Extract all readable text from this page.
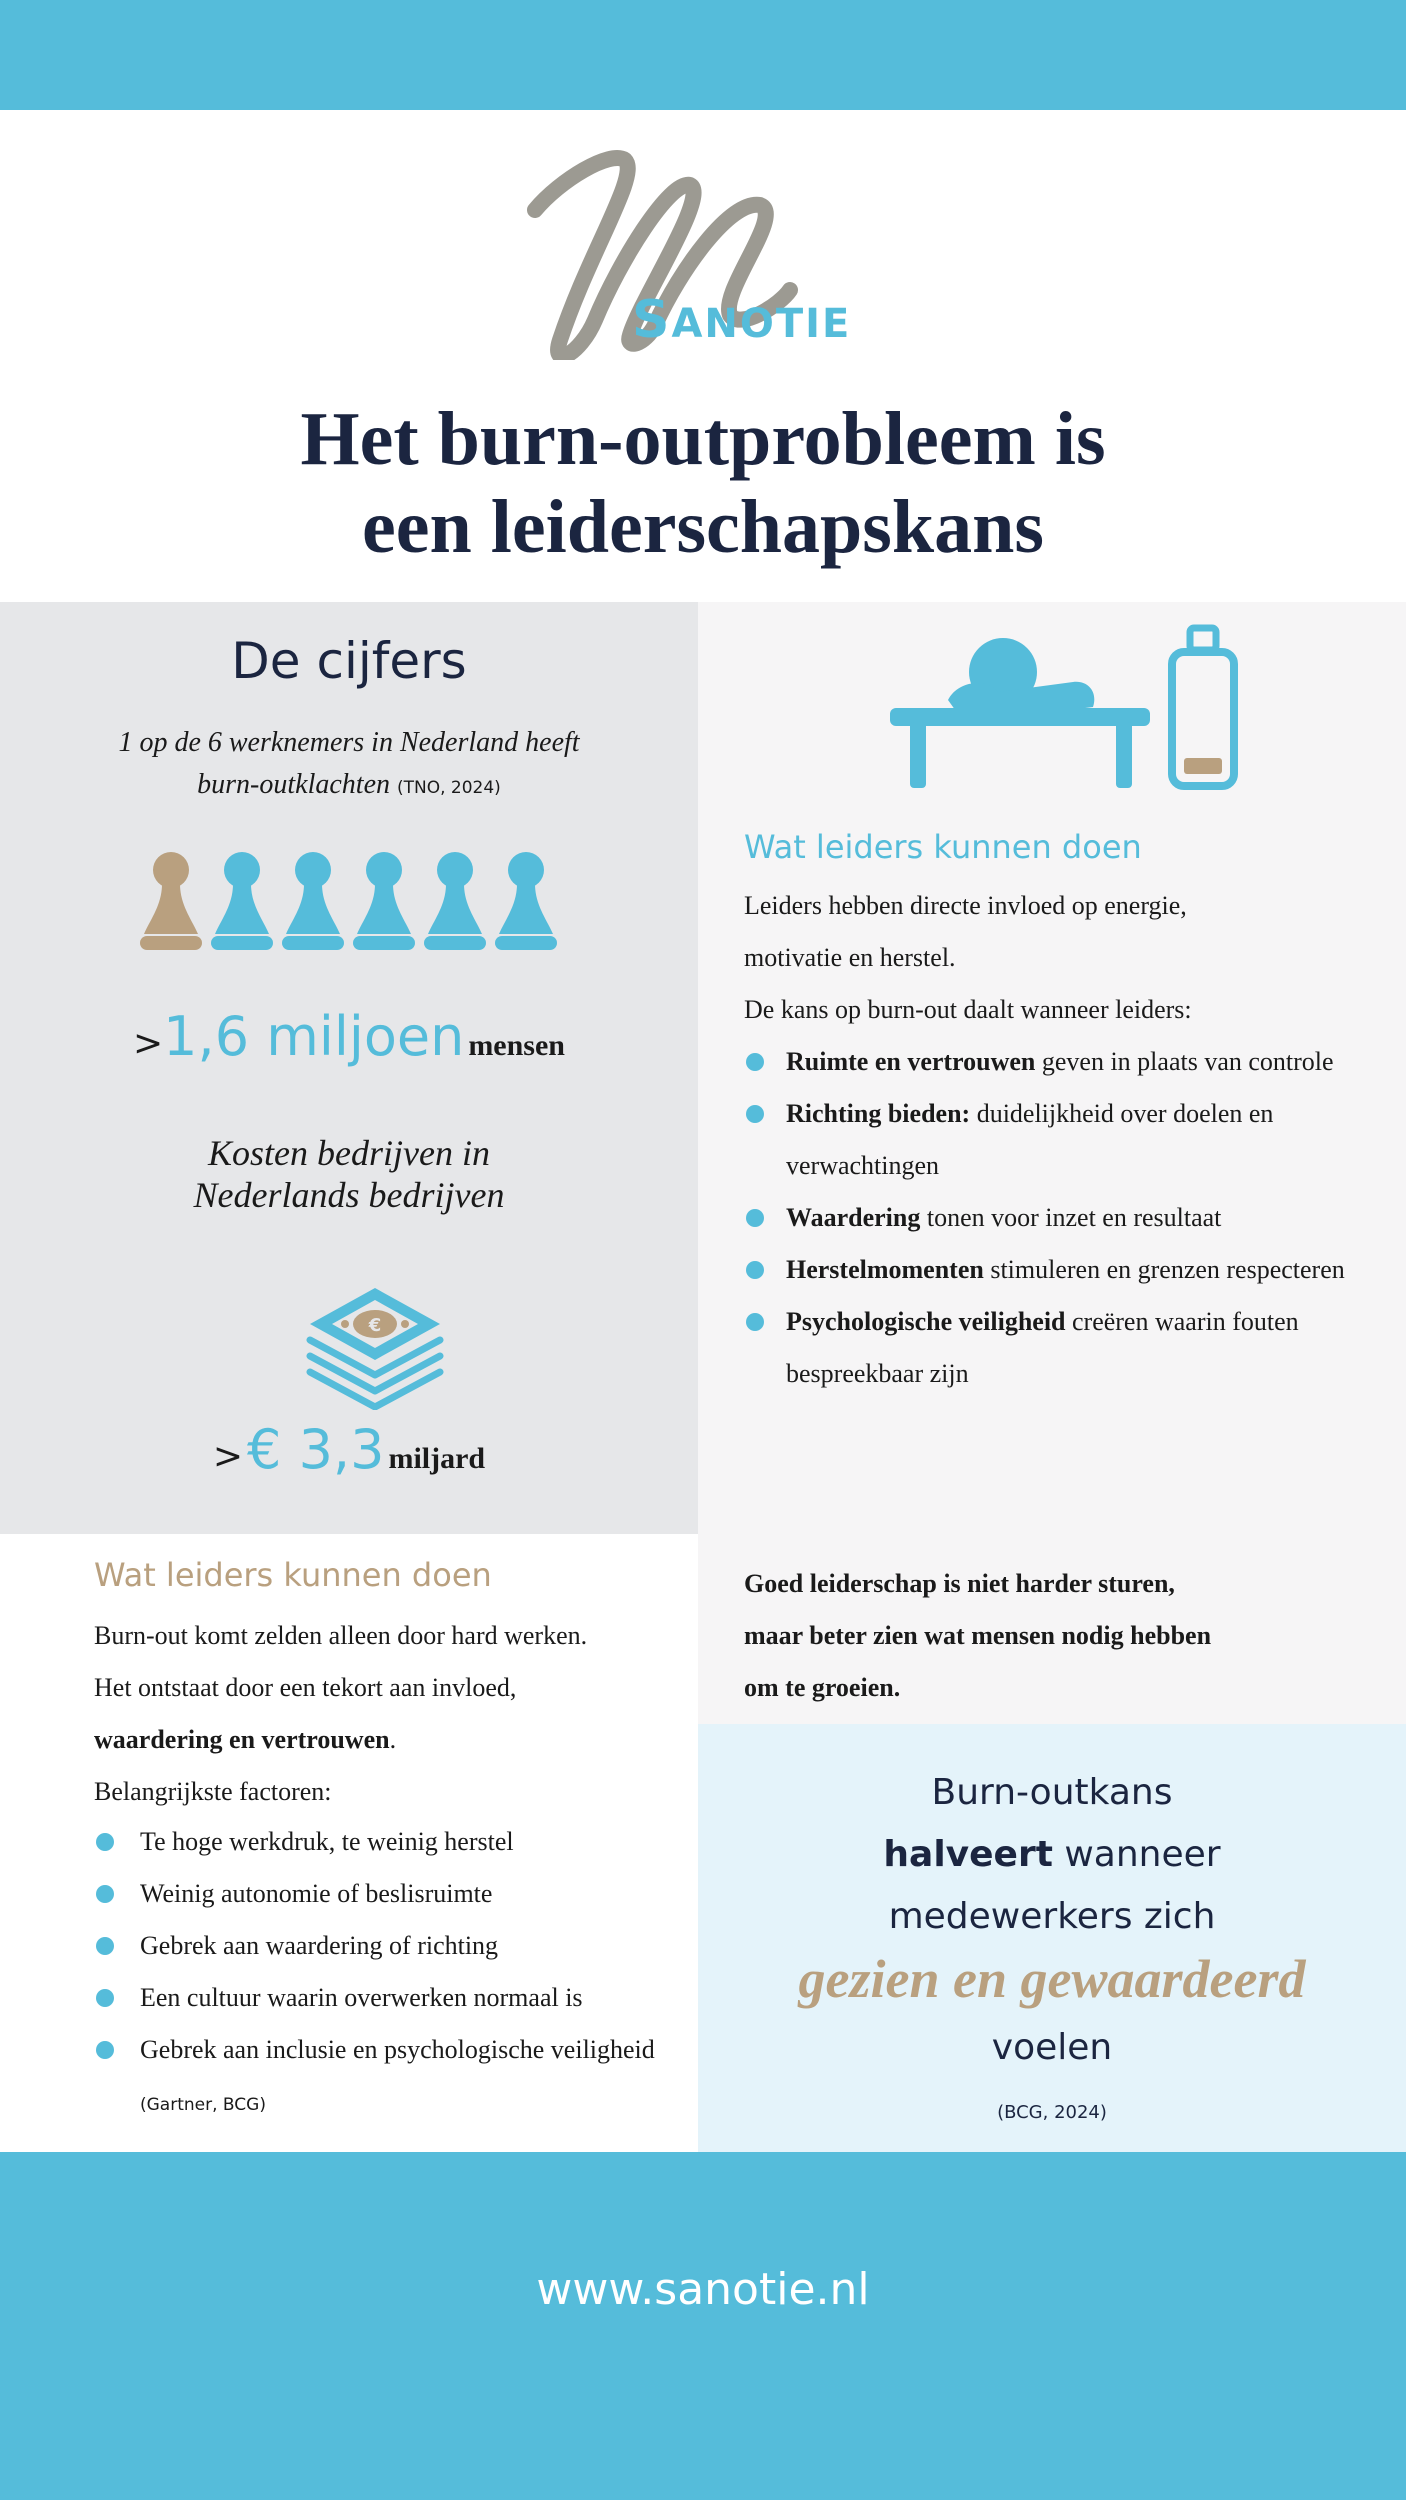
SANOTIE
Het burn-outprobleem is
een leiderschapskans
De cijfers
1 op de 6 werknemers in Nederland heeft
burn-outklachten (TNO, 2024)
>1,6 miljoen mensen
Kosten bedrijven in
Nederlands bedrijven
€
> € 3,3 miljard
Wat leiders kunnen doen
Leiders hebben directe invloed op energie,
motivatie en herstel.
De kans op burn-out daalt wanneer leiders:
Ruimte en vertrouwen geven in plaats van controle
Richting bieden: duidelijkheid over doelen en verwachtingen
Waardering tonen voor inzet en resultaat
Herstelmomenten stimuleren en grenzen respecteren
Psychologische veiligheid creëren waarin fouten bespreekbaar zijn
Goed leiderschap is niet harder sturen,
maar beter zien wat mensen nodig hebben
om te groeien.
Wat leiders kunnen doen
Burn-out komt zelden alleen door hard werken.
Het ontstaat door een tekort aan invloed,
waardering en vertrouwen.
Belangrijkste factoren:
Te hoge werkdruk, te weinig herstel
Weinig autonomie of beslisruimte
Gebrek aan waardering of richting
Een cultuur waarin overwerken normaal is
Gebrek aan inclusie en psychologische veiligheid (Gartner, BCG)
Burn-outkans
halveert wanneer
medewerkers zich
gezien en gewaardeerd
voelen
(BCG, 2024)
www.sanotie.nl
